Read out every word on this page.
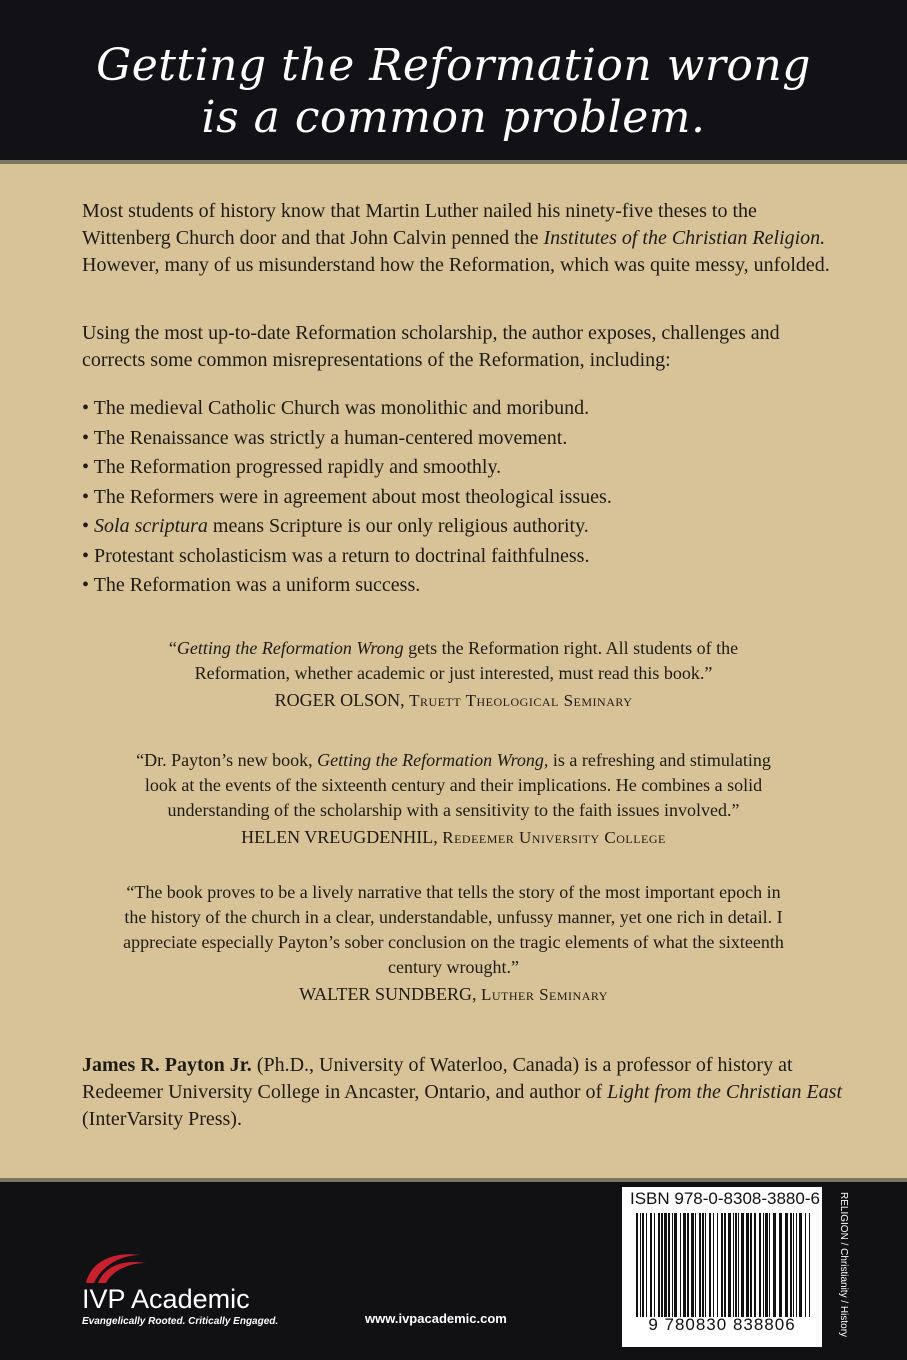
Getting the Reformation wrong
is a common problem.

Most students of history know that Martin Luther nailed his ninety-five theses to the Wittenberg Church door and that John Calvin penned the Institutes of the Christian Religion. However, many of us misunderstand how the Reformation, which was quite messy, unfolded.

Using the most up-to-date Reformation scholarship, the author exposes, challenges and corrects some common misrepresentations of the Reformation, including:

• The medieval Catholic Church was monolithic and moribund.
• The Renaissance was strictly a human-centered movement.
• The Reformation progressed rapidly and smoothly.
• The Reformers were in agreement about most theological issues.
• Sola scriptura means Scripture is our only religious authority.
• Protestant scholasticism was a return to doctrinal faithfulness.
• The Reformation was a uniform success.

“Getting the Reformation Wrong gets the Reformation right. All students of the Reformation, whether academic or just interested, must read this book.”

ROGER OLSON, Truett Theological Seminary

“Dr. Payton’s new book, Getting the Reformation Wrong, is a refreshing and stimulating look at the events of the sixteenth century and their implications. He combines a solid understanding of the scholarship with a sensitivity to the faith issues involved.”

HELEN VREUGDENHIL, Redeemer University College

“The book proves to be a lively narrative that tells the story of the most important epoch in the history of the church in a clear, understandable, unfussy manner, yet one rich in detail. I appreciate especially Payton’s sober conclusion on the tragic elements of what the sixteenth century wrought.”

WALTER SUNDBERG, Luther Seminary

James R. Payton Jr. (Ph.D., University of Waterloo, Canada) is a professor of history at Redeemer University College in Ancaster, Ontario, and author of Light from the Christian East (InterVarsity Press).

IVP Academic
Evangelically Rooted. Critically Engaged.	www.ivpacademic.com
ISBN 978-0-8308-3880-6
9 780830 838806	RELIGION / Christianity / History
